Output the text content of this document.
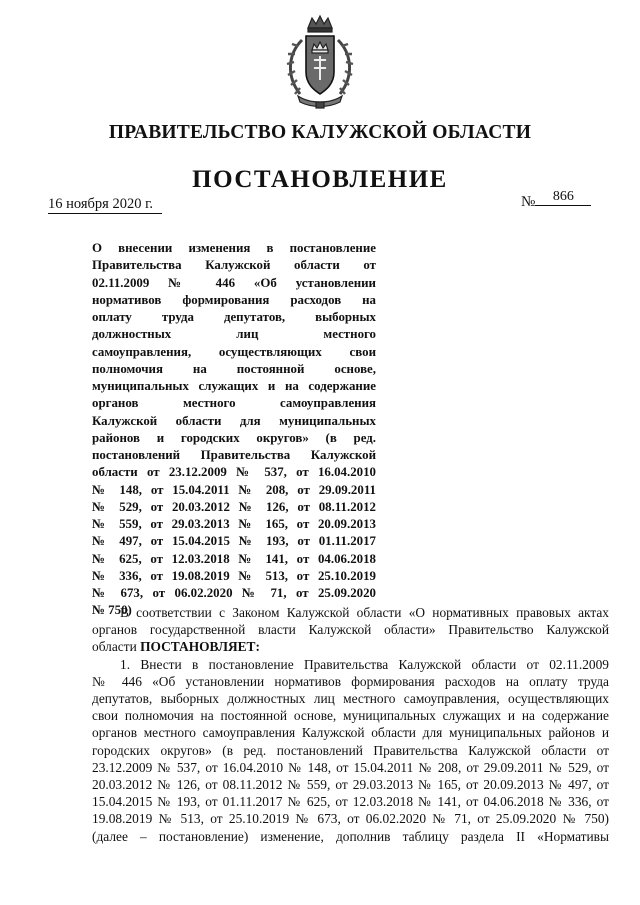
ПРАВИТЕЛЬСТВО КАЛУЖСКОЙ ОБЛАСТИ
ПОСТАНОВЛЕНИЕ
16 ноября 2020 г.	№ 866
О внесении изменения в постановление
Правительства Калужской области от
02.11.2009 № 446 «Об установлении
нормативов формирования расходов на
оплату труда депутатов, выборных
должностных лиц местного
самоуправления, осуществляющих свои
полномочия на постоянной основе,
муниципальных служащих и на содержание
органов местного самоуправления
Калужской области для муниципальных
районов и городских округов» (в ред.
постановлений Правительства Калужской
области от 23.12.2009 № 537, от 16.04.2010
№ 148, от 15.04.2011 № 208, от 29.09.2011
№ 529, от 20.03.2012 № 126, от 08.11.2012
№ 559, от 29.03.2013 № 165, от 20.09.2013
№ 497, от 15.04.2015 № 193, от 01.11.2017
№ 625, от 12.03.2018 № 141, от 04.06.2018
№ 336, от 19.08.2019 № 513, от 25.10.2019
№ 673, от 06.02.2020 № 71, от 25.09.2020
№ 750)
В соответствии с Законом Калужской области «О нормативных правовых актах
органов государственной власти Калужской области» Правительство Калужской
области ПОСТАНОВЛЯЕТ:
1. Внести в постановление Правительства Калужской области от 02.11.2009
№ 446 «Об установлении нормативов формирования расходов на оплату труда
депутатов, выборных должностных лиц местного самоуправления, осуществляющих
свои полномочия на постоянной основе, муниципальных служащих и на содержание
органов местного самоуправления Калужской области для муниципальных районов и
городских округов» (в ред. постановлений Правительства Калужской области от
23.12.2009 № 537, от 16.04.2010 № 148, от 15.04.2011 № 208, от 29.09.2011 № 529, от
20.03.2012 № 126, от 08.11.2012 № 559, от 29.03.2013 № 165, от 20.09.2013 № 497, от
15.04.2015 № 193, от 01.11.2017 № 625, от 12.03.2018 № 141, от 04.06.2018 № 336, от
19.08.2019 № 513, от 25.10.2019 № 673, от 06.02.2020 № 71, от 25.09.2020 № 750)
(далее – постановление) изменение, дополнив таблицу раздела II «Нормативы
